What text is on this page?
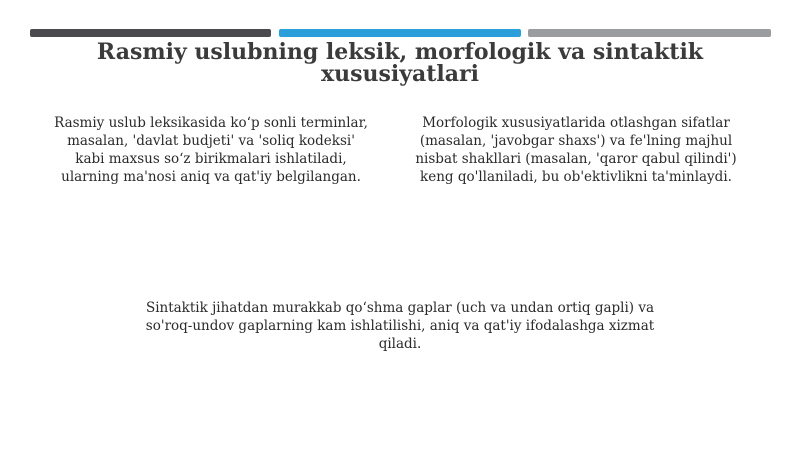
Rasmiy uslubning leksik, morfologik va sintaktik xususiyatlari

Rasmiy uslub leksikasida ko‘p sonli terminlar, masalan, 'davlat budjeti' va 'soliq kodeksi' kabi maxsus so‘z birikmalari ishlatiladi, ularning ma'nosi aniq va qat'iy belgilangan.

Morfologik xususiyatlarida otlashgan sifatlar (masalan, 'javobgar shaxs') va fe'lning majhul nisbat shakllari (masalan, 'qaror qabul qilindi') keng qo'llaniladi, bu ob'ektivlikni ta'minlaydi.

Sintaktik jihatdan murakkab qo‘shma gaplar (uch va undan ortiq gapli) va so'roq-undov gaplarning kam ishlatilishi, aniq va qat'iy ifodalashga xizmat qiladi.
